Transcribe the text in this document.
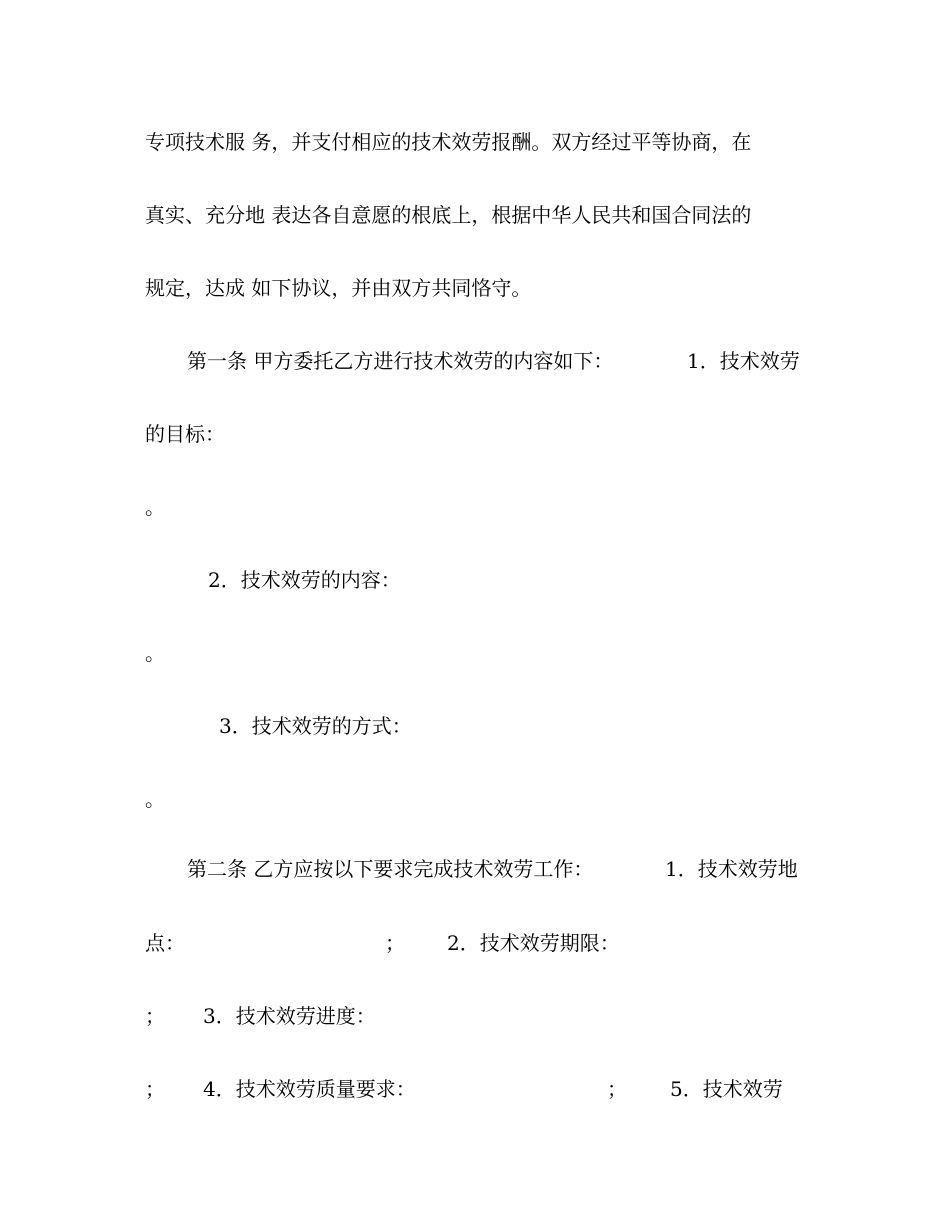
专项技术服 务，并支付相应的技术效劳报酬。双方经过平等协商，在

真实、充分地 表达各自意愿的根底上，根据中华人民共和国合同法的

规定，达成 如下协议，并由双方共同恪守。

第一条 甲方委托乙方进行技术效劳的内容如下：	1．技术效劳

的目标：

。

2．技术效劳的内容：

。

3．技术效劳的方式：

。

第二条 乙方应按以下要求完成技术效劳工作：	1．技术效劳地
点：	； 2．技术效劳期限：
； 3．技术效劳进度：
； 4．技术效劳质量要求：	； 5．技术效劳
